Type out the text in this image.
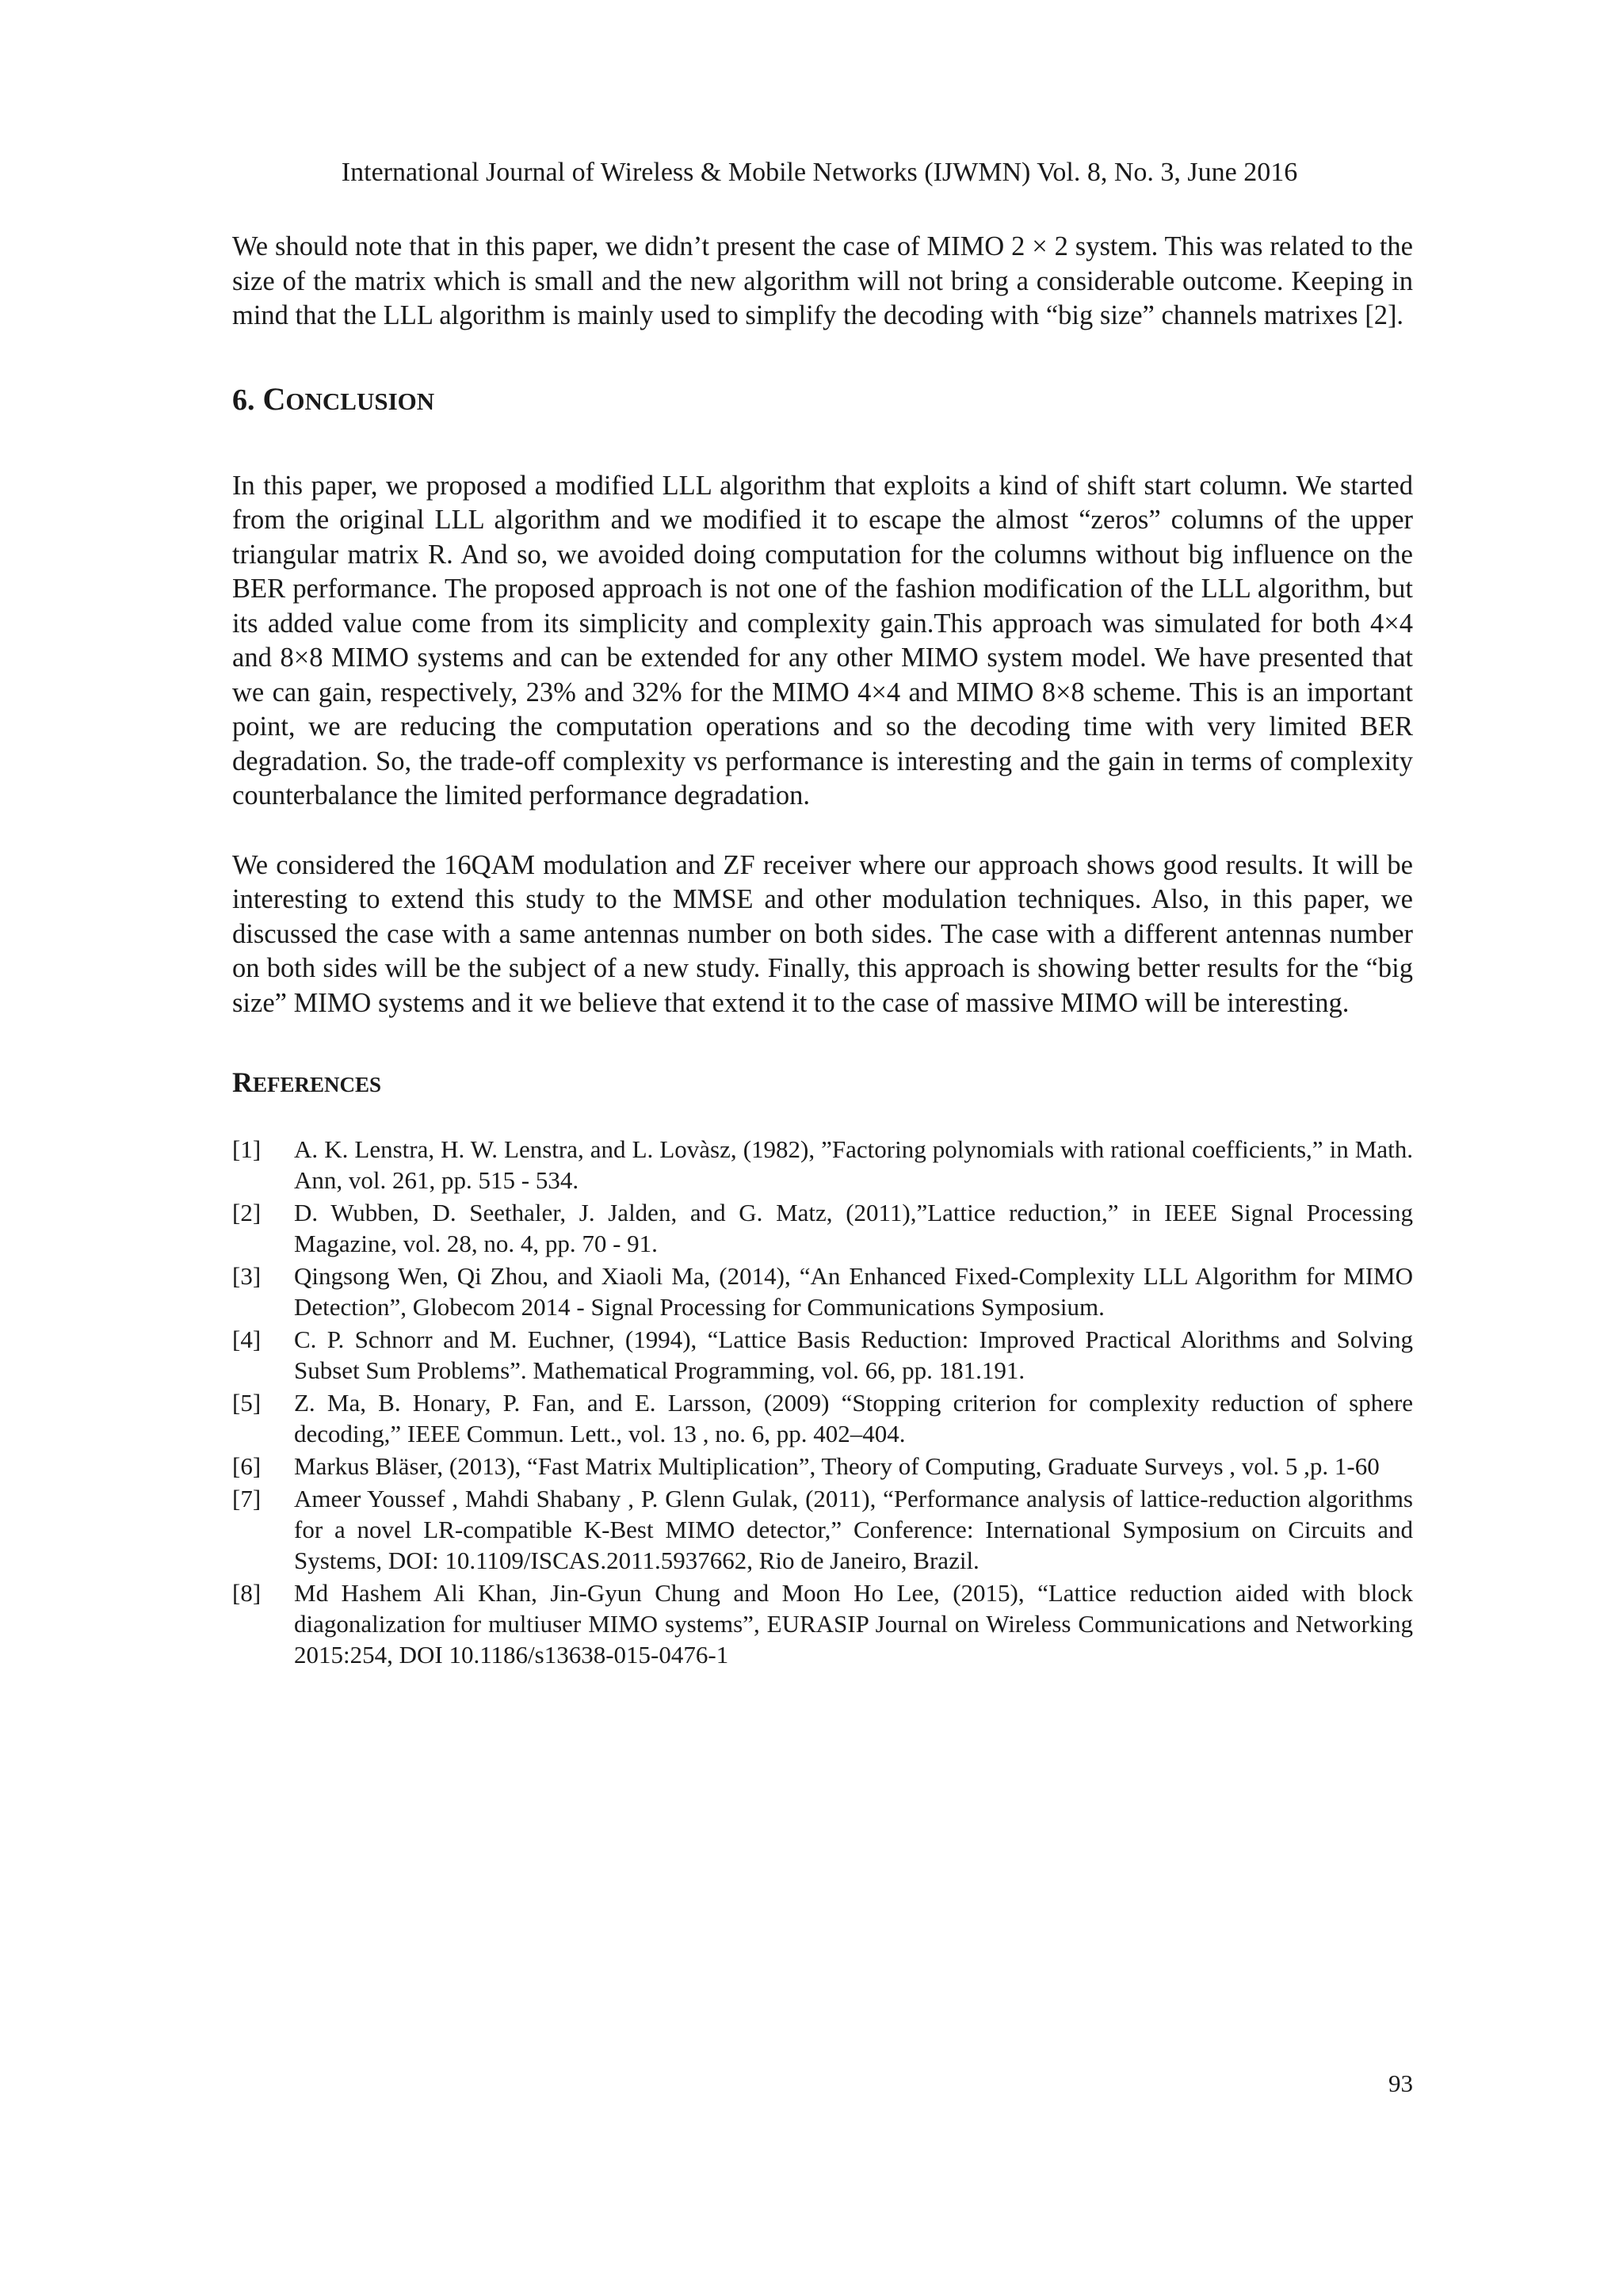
International Journal of Wireless & Mobile Networks (IJWMN) Vol. 8, No. 3, June 2016

We should note that in this paper, we didn’t present the case of MIMO 2 × 2 system. This was related to the size of the matrix which is small and the new algorithm will not bring a considerable outcome. Keeping in mind that the LLL algorithm is mainly used to simplify the decoding with “big size” channels matrixes [2].

6. CONCLUSION

In this paper, we proposed a modified LLL algorithm that exploits a kind of shift start column. We started from the original LLL algorithm and we modified it to escape the almost “zeros” columns of the upper triangular matrix R. And so, we avoided doing computation for the columns without big influence on the BER performance. The proposed approach is not one of the fashion modification of the LLL algorithm, but its added value come from its simplicity and complexity gain.This approach was simulated for both 4×4 and 8×8 MIMO systems and can be extended for any other MIMO system model. We have presented that we can gain, respectively, 23% and 32% for the MIMO 4×4 and MIMO 8×8 scheme. This is an important point, we are reducing the computation operations and so the decoding time with very limited BER degradation. So, the trade-off complexity vs performance is interesting and the gain in terms of complexity counterbalance the limited performance degradation.

We considered the 16QAM modulation and ZF receiver where our approach shows good results. It will be interesting to extend this study to the MMSE and other modulation techniques. Also, in this paper, we discussed the case with a same antennas number on both sides. The case with a different antennas number on both sides will be the subject of a new study. Finally, this approach is showing better results for the “big size” MIMO systems and it we believe that extend it to the case of massive MIMO will be interesting.

REFERENCES
[1]	A. K. Lenstra, H. W. Lenstra, and L. Lovàsz, (1982), ”Factoring polynomials with rational coefficients,” in Math. Ann, vol. 261, pp. 515 - 534.
[2]	D. Wubben, D. Seethaler, J. Jalden, and G. Matz, (2011),”Lattice reduction,” in IEEE Signal Processing Magazine, vol. 28, no. 4, pp. 70 - 91.
[3]	Qingsong Wen, Qi Zhou, and Xiaoli Ma, (2014), “An Enhanced Fixed-Complexity LLL Algorithm for MIMO Detection”, Globecom 2014 - Signal Processing for Communications Symposium.
[4]	C. P. Schnorr and M. Euchner, (1994), “Lattice Basis Reduction: Improved Practical Alorithms and Solving Subset Sum Problems”. Mathematical Programming, vol. 66, pp. 181.191.
[5]	Z. Ma, B. Honary, P. Fan, and E. Larsson, (2009) “Stopping criterion for complexity reduction of sphere decoding,” IEEE Commun. Lett., vol. 13 , no. 6, pp. 402–404.
[6]	Markus Bläser, (2013), “Fast Matrix Multiplication”, Theory of Computing, Graduate Surveys , vol. 5 ,p. 1-60
[7]	Ameer Youssef , Mahdi Shabany , P. Glenn Gulak, (2011), “Performance analysis of lattice-reduction algorithms for a novel LR-compatible K-Best MIMO detector,” Conference: International Symposium on Circuits and Systems, DOI: 10.1109/ISCAS.2011.5937662, Rio de Janeiro, Brazil.
[8]	Md Hashem Ali Khan, Jin-Gyun Chung and Moon Ho Lee, (2015), “Lattice reduction aided with block diagonalization for multiuser MIMO systems”, EURASIP Journal on Wireless Communications and Networking 2015:254, DOI 10.1186/s13638-015-0476-1
93
